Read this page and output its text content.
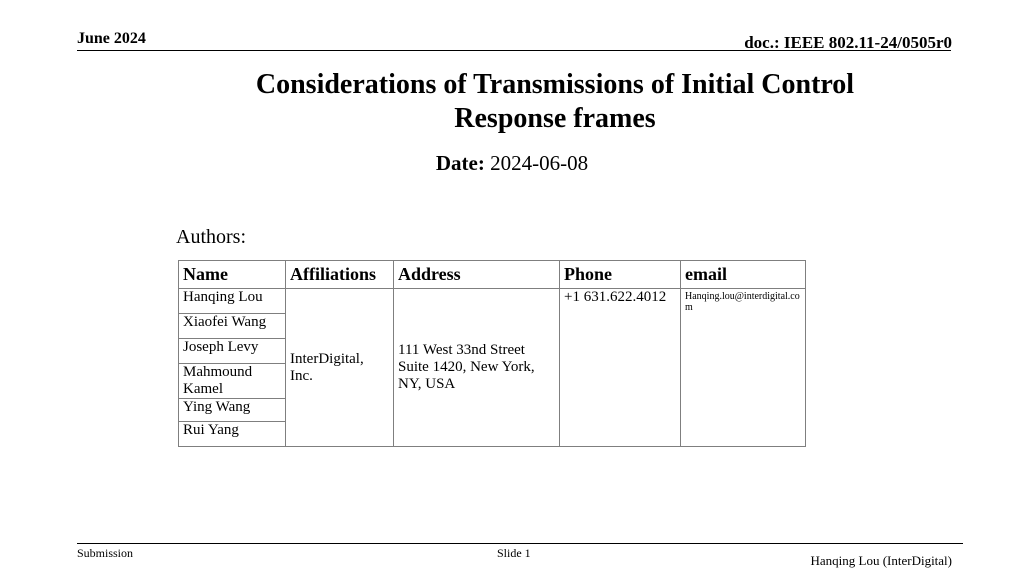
June 2024	doc.: IEEE 802.11-24/0505r0
Considerations of Transmissions of Initial Control
Response frames
Date: 2024-06-08
Authors:
Name	Affiliations	Address	Phone	email
Hanqing Lou	InterDigital, Inc.	111 West 33nd Street Suite 1420, New York, NY, USA	+1 631.622.4012	Hanqing.lou@interdigital.com

Xiaofei Wang				
Joseph Levy				
Mahmound Kamel				
Ying Wang				
Rui Yang				
Submission	Slide 1	Hanqing Lou (InterDigital)
